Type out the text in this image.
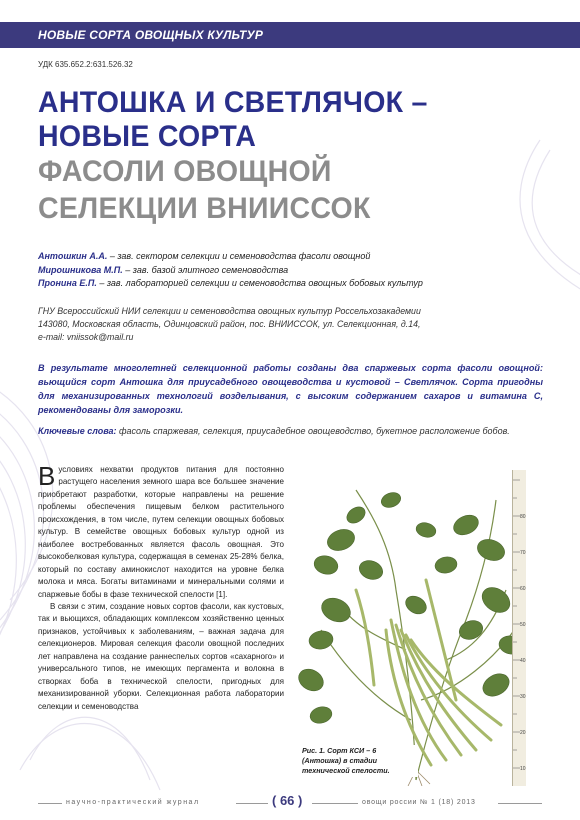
НОВЫЕ СОРТА ОВОЩНЫХ КУЛЬТУР
УДК 635.652.2:631.526.32
АНТОШКА И СВЕТЛЯЧОК –
НОВЫЕ СОРТА
ФАСОЛИ ОВОЩНОЙ
СЕЛЕКЦИИ ВНИИССОК
Антошкин А.А. – зав. сектором селекции и семеноводства фасоли овощной
Мирошникова М.П. – зав. базой элитного семеноводства
Пронина Е.П. – зав. лабораторией селекции и семеноводства овощных бобовых культур
ГНУ Всероссийский НИИ селекции и семеноводства овощных культур Россельхозакадемии
143080, Московская область, Одинцовский район, пос. ВНИИССОК, ул. Селекционная, д.14,
e-mail: vniissok@mail.ru
В результате многолетней селекционной работы созданы два спаржевых сорта фасоли овощной: вьющийся сорт Антошка для приусадебного овощеводства и кустовой – Светлячок. Сорта пригодны для механизированных технологий возделывания, с высоким содержанием сахаров и витамина С, рекомендованы для заморозки.
Ключевые слова: фасоль спаржевая, селекция, приусадебное овощеводство, букетное расположение бобов.

В условиях нехватки продуктов питания для постоянно растущего населения земного шара все большее значение приобретают разработки, которые направлены на решение проблемы обеспечения пищевым белком растительного происхождения, в том числе, путем селекции овощных бобовых культур. В семействе овощных бобовых культур одной из наиболее востребованных является фасоль овощная. Это высокобелковая культура, содержащая в семенах 25-28% белка, который по составу аминокислот находится на уровне белка молока и мяса. Богаты витаминами и минеральными солями и спаржевые бобы в фазе технической спелости [1].

В связи с этим, создание новых сортов фасоли, как кустовых, так и вьющихся, обладающих комплексом хозяйственно ценных признаков, устойчивых к заболеваниям, – важная задача для селекционеров. Мировая селекция фасоли овощной последних лет направлена на создание раннеспелых сортов «сахарного» и универсального типов, не имеющих пергамента и волокна в створках боба в технической спелости, пригодных для механизированной уборки. Селекционная работа лаборатории селекции и семеноводства

10
20
30
40
50
60
70
80
Рис. 1. Сорт КСИ – 6 (Антошка) в стадии технической спелости.
научно-практический журнал	( 66 )	овощи россии № 1 (18) 2013
